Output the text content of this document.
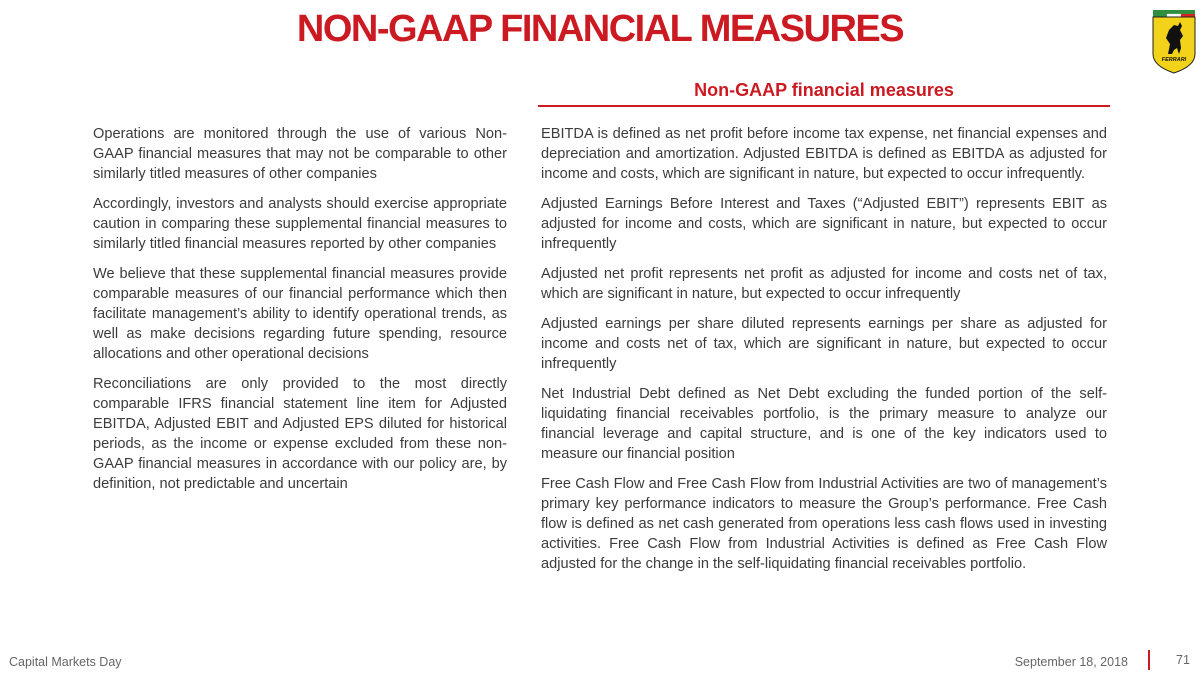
NON-GAAP FINANCIAL MEASURES
FERRARI
Non-GAAP financial measures

Operations are monitored through the use of various Non-GAAP financial measures that may not be comparable to other similarly titled measures of other companies

Accordingly, investors and analysts should exercise appropriate caution in comparing these supplemental financial measures to similarly titled financial measures reported by other companies

We believe that these supplemental financial measures provide comparable measures of our financial performance which then facilitate management’s ability to identify operational trends, as well as make decisions regarding future spending, resource allocations and other operational decisions

Reconciliations are only provided to the most directly comparable IFRS financial statement line item for Adjusted EBITDA, Adjusted EBIT and Adjusted EPS diluted for historical periods, as the income or expense excluded from these non-GAAP financial measures in accordance with our policy are, by definition, not predictable and uncertain

EBITDA is defined as net profit before income tax expense, net financial expenses and depreciation and amortization. Adjusted EBITDA is defined as EBITDA as adjusted for income and costs, which are significant in nature, but expected to occur infrequently.

Adjusted Earnings Before Interest and Taxes (“Adjusted EBIT”) represents EBIT as adjusted for income and costs, which are significant in nature, but expected to occur infrequently

Adjusted net profit represents net profit as adjusted for income and costs net of tax, which are significant in nature, but expected to occur infrequently

Adjusted earnings per share diluted represents earnings per share as adjusted for income and costs net of tax, which are significant in nature, but expected to occur infrequently

Net Industrial Debt defined as Net Debt excluding the funded portion of the self-liquidating financial receivables portfolio, is the primary measure to analyze our financial leverage and capital structure, and is one of the key indicators used to measure our financial position

Free Cash Flow and Free Cash Flow from Industrial Activities are two of management’s primary key performance indicators to measure the Group’s performance. Free Cash flow is defined as net cash generated from operations less cash flows used in investing activities. Free Cash Flow from Industrial Activities is defined as Free Cash Flow adjusted for the change in the self-liquidating financial receivables portfolio.

Capital Markets Day	September 18, 2018	71
